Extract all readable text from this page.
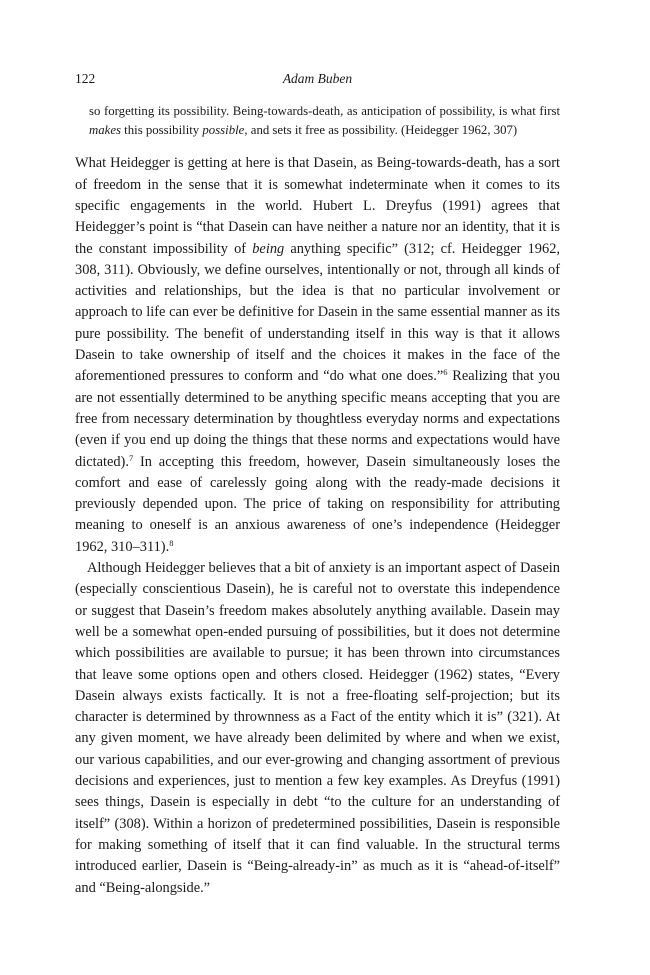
122	Adam Buben

so forgetting its possibility. Being-towards-death, as anticipation of possibility, is what first makes this possibility possible, and sets it free as possibility. (Heidegger 1962, 307)

What Heidegger is getting at here is that Dasein, as Being-towards-death, has a sort of freedom in the sense that it is somewhat indeterminate when it comes to its specific engagements in the world. Hubert L. Dreyfus (1991) agrees that Heidegger’s point is “that Dasein can have neither a nature nor an identity, that it is the constant impossibility of being anything specific” (312; cf. Heidegger 1962, 308, 311). Obviously, we define ourselves, intentionally or not, through all kinds of activities and relationships, but the idea is that no particular involvement or approach to life can ever be definitive for Dasein in the same essential manner as its pure possibility. The benefit of understanding itself in this way is that it allows Dasein to take ownership of itself and the choices it makes in the face of the aforementioned pressures to conform and “do what one does.”$^6$ Realizing that you are not essentially determined to be anything specific means accepting that you are free from necessary determination by thoughtless everyday norms and expectations (even if you end up doing the things that these norms and expectations would have dictated).$^7$ In accepting this freedom, however, Dasein simultaneously loses the comfort and ease of carelessly going along with the ready-made decisions it previously depended upon. The price of taking on responsibility for attributing meaning to oneself is an anxious awareness of one’s independence (Heidegger 1962, 310–311).$^8$

Although Heidegger believes that a bit of anxiety is an important aspect of Dasein (especially conscientious Dasein), he is careful not to overstate this independence or suggest that Dasein’s freedom makes absolutely anything available. Dasein may well be a somewhat open-ended pursuing of possibilities, but it does not determine which possibilities are available to pursue; it has been thrown into circumstances that leave some options open and others closed. Heidegger (1962) states, “Every Dasein always exists factically. It is not a free-floating self-projection; but its character is determined by thrownness as a Fact of the entity which it is” (321). At any given moment, we have already been delimited by where and when we exist, our various capabilities, and our ever-growing and changing assortment of previous decisions and experiences, just to mention a few key examples. As Dreyfus (1991) sees things, Dasein is especially in debt “to the culture for an understanding of itself” (308). Within a horizon of predetermined possibilities, Dasein is responsible for making something of itself that it can find valuable. In the structural terms introduced earlier, Dasein is “Being-already-in” as much as it is “ahead-of-itself” and “Being-alongside.”
